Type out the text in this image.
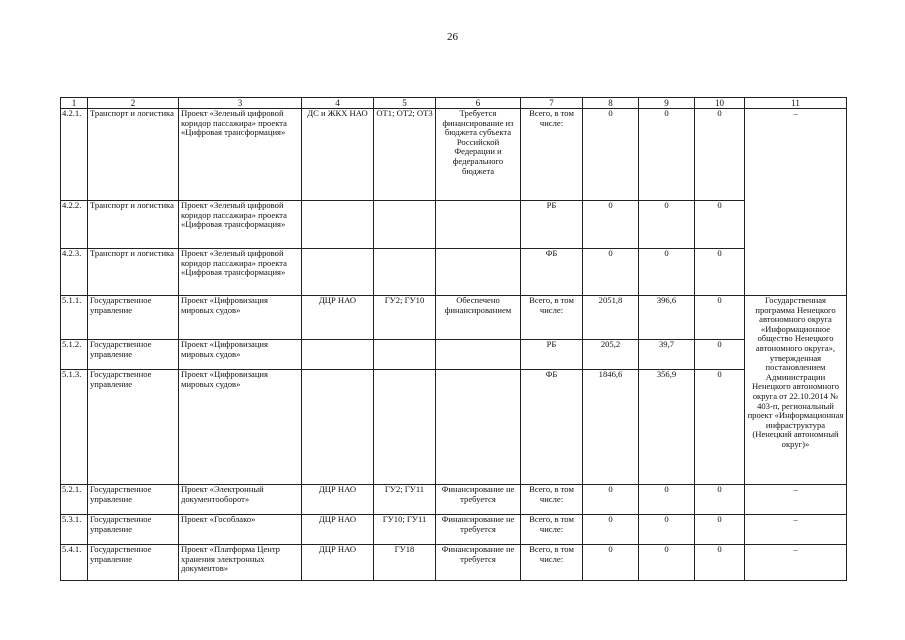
26
1	2	3	4	5	6	7	8	9	10	11
4.2.1.	Транспорт и логистика	Проект «Зеленый цифровой коридор пассажира» проекта «Цифровая трансформация»	ДС и ЖКХ НАО	ОТ1; ОТ2; ОТ3	Требуется финансирование из бюджета субъекта Российской Федерации и федерального бюджета	Всего, в том числе:	0	0	0	–
4.2.2.	Транспорт и логистика	Проект «Зеленый цифровой коридор пассажира» проекта «Цифровая трансформация»				РБ	0	0	0	
4.2.3.	Транспорт и логистика	Проект «Зеленый цифровой коридор пассажира» проекта «Цифровая трансформация»				ФБ	0	0	0	
5.1.1.	Государственное управление	Проект «Цифровизация мировых судов»	ДЦР НАО	ГУ2; ГУ10	Обеспечено финансированием	Всего, в том числе:	2051,8	396,6	0	Государственная программа Ненецкого автономного округа «Информационное общество Ненецкого автономного округа», утвержденная постановлением Администрации Ненецкого автономного округа от 22.10.2014 № 403-п, региональный проект «Информационная инфраструктура (Ненецкий автономный округ)»
5.1.2.	Государственное управление	Проект «Цифровизация мировых судов»				РБ	205,2	39,7	0	
5.1.3.	Государственное управление	Проект «Цифровизация мировых судов»				ФБ	1846,6	356,9	0	
5.2.1.	Государственное управление	Проект «Электронный документооборот»	ДЦР НАО	ГУ2; ГУ11	Финансирование не требуется	Всего, в том числе:	0	0	0	–
5.3.1.	Государственное управление	Проект «Гособлако»	ДЦР НАО	ГУ10; ГУ11	Финансирование не требуется	Всего, в том числе:	0	0	0	–
5.4.1.	Государственное управление	Проект «Платформа Центр хранения электронных документов»	ДЦР НАО	ГУ18	Финансирование не требуется	Всего, в том числе:	0	0	0	–
